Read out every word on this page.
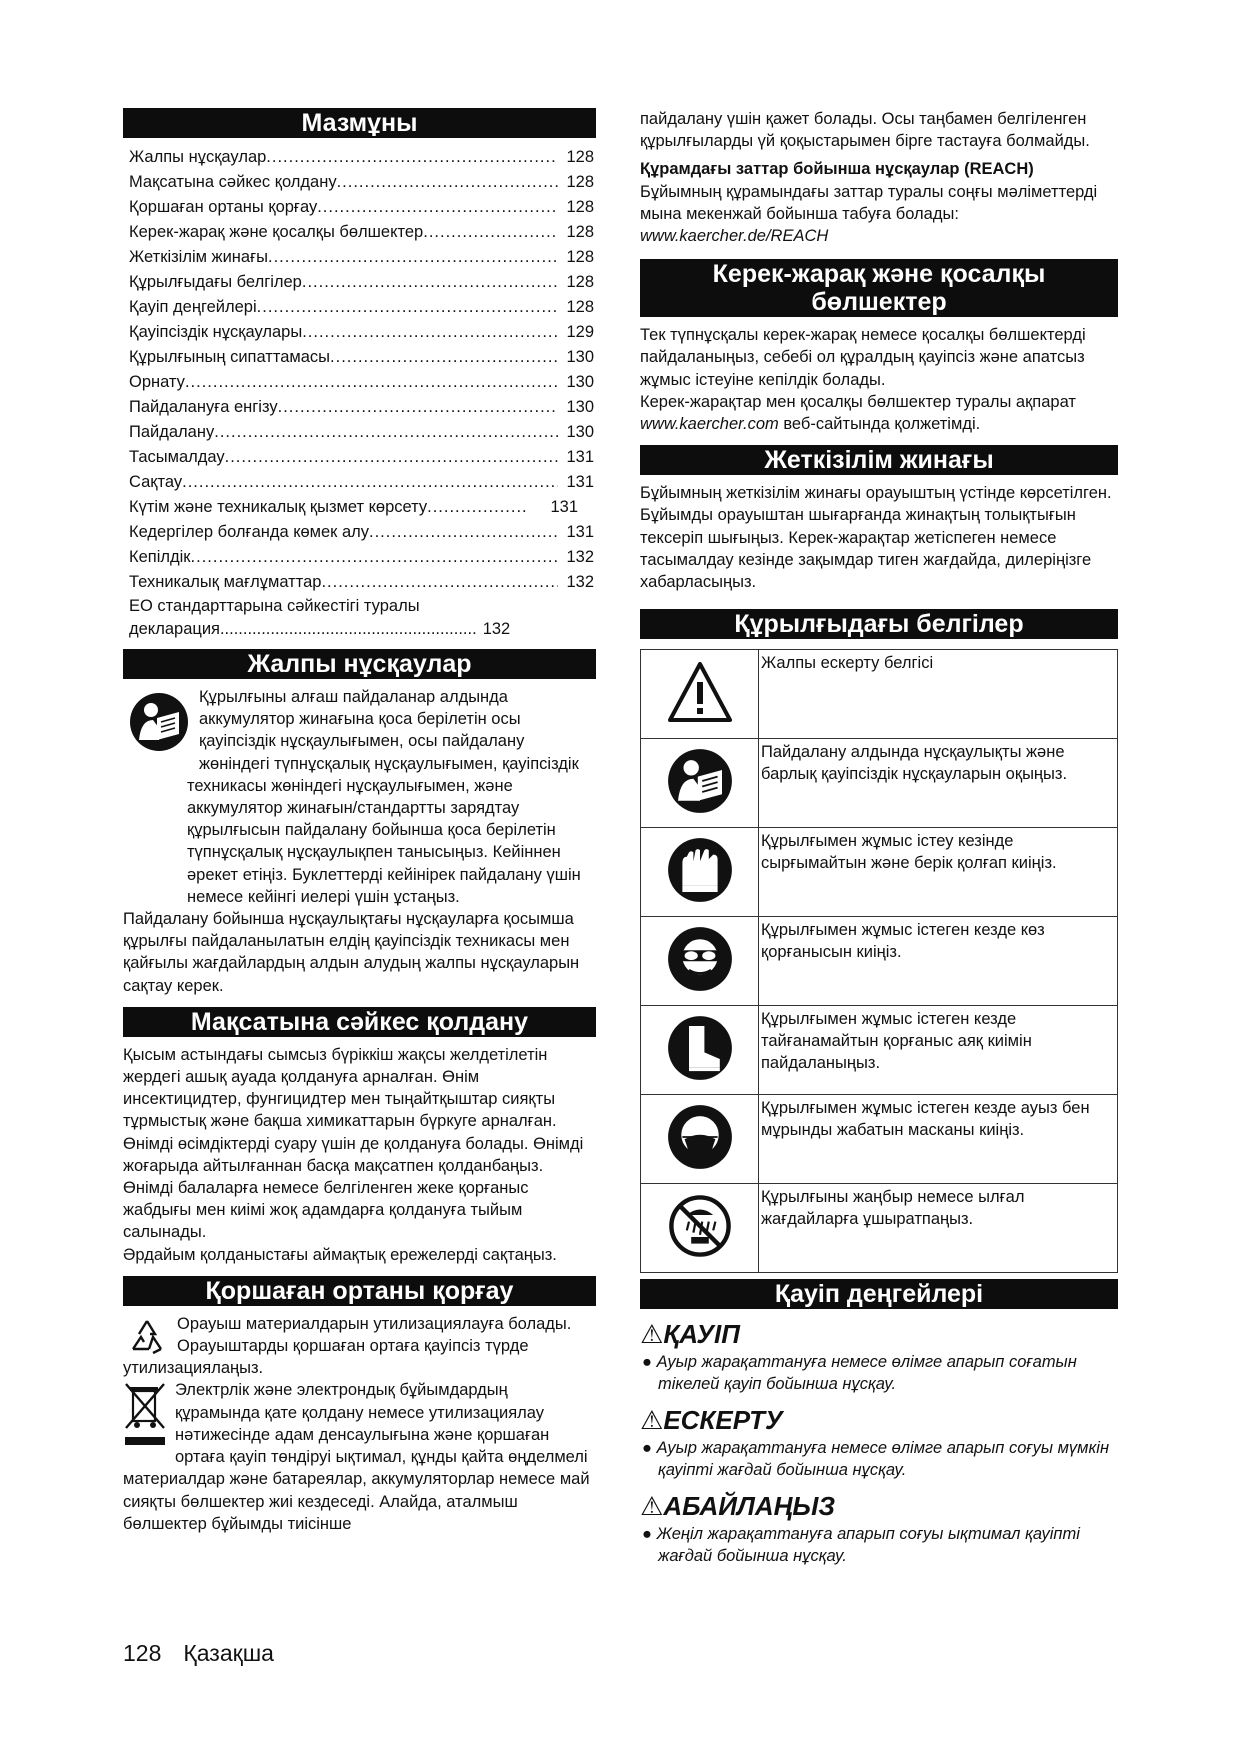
Мазмұны
Жалпы нұсқаулар .....	128
Мақсатына сәйкес қолдану .....	128
Қоршаған ортаны қорғау .....	128
Керек-жарақ және қосалқы бөлшектер .....	128
Жеткізілім жинағы .....	128
Құрылғыдағы белгілер .....	128
Қауіп деңгейлері .....	128
Қауіпсіздік нұсқаулары .....	129
Құрылғының сипаттамасы .....	130
Орнату .....	130
Пайдалануға енгізу .....	130
Пайдалану .....	130
Тасымалдау .....	131
Сақтау .....	131
Күтім және техникалық қызмет көрсету .....	131
Кедергілер болғанда көмек алу .....	131
Кепілдік .....	132
Техникалық мағлұматтар .....	132
ЕО стандарттарына сәйкестігі туралы
декларация........................................................ 132
Жалпы нұсқаулар

Құрылғыны алғаш пайдаланар алдында аккумулятор жинағына қоса берілетін осы қауіпсіздік нұсқаулығымен, осы пайдалану жөніндегі түпнұсқалық нұсқаулығымен, қауіпсіздік техникасы жөніндегі нұсқаулығымен, және аккумулятор жинағын/стандартты зарядтау құрылғысын пайдалану бойынша қоса берілетін түпнұсқалық нұсқаулықпен танысыңыз. Кейіннен әрекет етіңіз. Буклеттерді кейінірек пайдалану үшін немесе кейінгі иелері үшін ұстаңыз.

Пайдалану бойынша нұсқаулықтағы нұсқауларға қосымша құрылғы пайдаланылатын елдің қауіпсіздік техникасы мен қайғылы жағдайлардың алдын алудың жалпы нұсқауларын сақтау керек.

Мақсатына сәйкес қолдану

Қысым астындағы сымсыз бүріккіш жақсы желдетілетін жердегі ашық ауада қолдануға арналған. Өнім инсектицидтер, фунгицидтер мен тыңайтқыштар сияқты тұрмыстық және бақша химикаттарын бүркуге арналған. Өнімді өсімдіктерді суару үшін де қолдануға болады. Өнімді жоғарыда айтылғаннан басқа мақсатпен қолданбаңыз. Өнімді балаларға немесе белгіленген жеке қорғаныс жабдығы мен киімі жоқ адамдарға қолдануға тыйым салынады.

Әрдайым қолданыстағы аймақтық ережелерді сақтаңыз.

Қоршаған ортаны қорғау

Орауыш материалдарын утилизациялауға болады. Орауыштарды қоршаған ортаға қауіпсіз түрде утилизациялаңыз.

Электрлік және электрондық бұйымдардың құрамында қате қолдану немесе утилизациялау нәтижесінде адам денсаулығына және қоршаған ортаға қауіп төндіруі ықтимал, құнды қайта өңделмелі материалдар және батареялар, аккумуляторлар немесе май сияқты бөлшектер жиі кездеседі. Алайда, аталмыш бөлшектер бұйымды тиісінше

пайдалану үшін қажет болады. Осы таңбамен белгіленген құрылғыларды үй қоқыстарымен бірге тастауға болмайды.

Құрамдағы заттар бойынша нұсқаулар (REACH)

Бұйымның құрамындағы заттар туралы соңғы мәліметтерді мына мекенжай бойынша табуға болады: www.kaercher.de/REACH

Керек-жарақ және қосалқы бөлшектер

Тек түпнұсқалы керек-жарақ немесе қосалқы бөлшектерді пайдаланыңыз, себебі ол құралдың қауіпсіз және апатсыз жұмыс істеуіне кепілдік болады.

Керек-жарақтар мен қосалқы бөлшектер туралы ақпарат www.kaercher.com веб-сайтында қолжетімді.

Жеткізілім жинағы

Бұйымның жеткізілім жинағы орауыштың үстінде көрсетілген. Бұйымды орауыштан шығарғанда жинақтың толықтығын тексеріп шығыңыз. Керек-жарақтар жетіспеген немесе тасымалдау кезінде зақымдар тиген жағдайда, дилеріңізге хабарласыңыз.

Құрылғыдағы белгілер
	Жалпы ескерту белгісі
	Пайдалану алдында нұсқаулықты және барлық қауіпсіздік нұсқауларын оқыңыз.
	Құрылғымен жұмыс істеу кезінде сырғымайтын және берік қолғап киіңіз.
	Құрылғымен жұмыс істеген кезде көз қорғанысын киіңіз.
	Құрылғымен жұмыс істеген кезде тайғанамайтын қорғаныс аяқ киімін пайдаланыңыз.
	Құрылғымен жұмыс істеген кезде ауыз бен мұрынды жабатын масканы киіңіз.
	Құрылғыны жаңбыр немесе ылғал жағдайларға ұшыратпаңыз.
Қауіп деңгейлері
⚠ҚАУІП

● Ауыр жарақаттануға немесе өлімге апарып соғатын тікелей қауіп бойынша нұсқау.

⚠ЕСКЕРТУ

● Ауыр жарақаттануға немесе өлімге апарып соғуы мүмкін қауіпті жағдай бойынша нұсқау.

⚠АБАЙЛАҢЫЗ

● Жеңіл жарақаттануға апарып соғуы ықтимал қауіпті жағдай бойынша нұсқау.

128 Қазақша
